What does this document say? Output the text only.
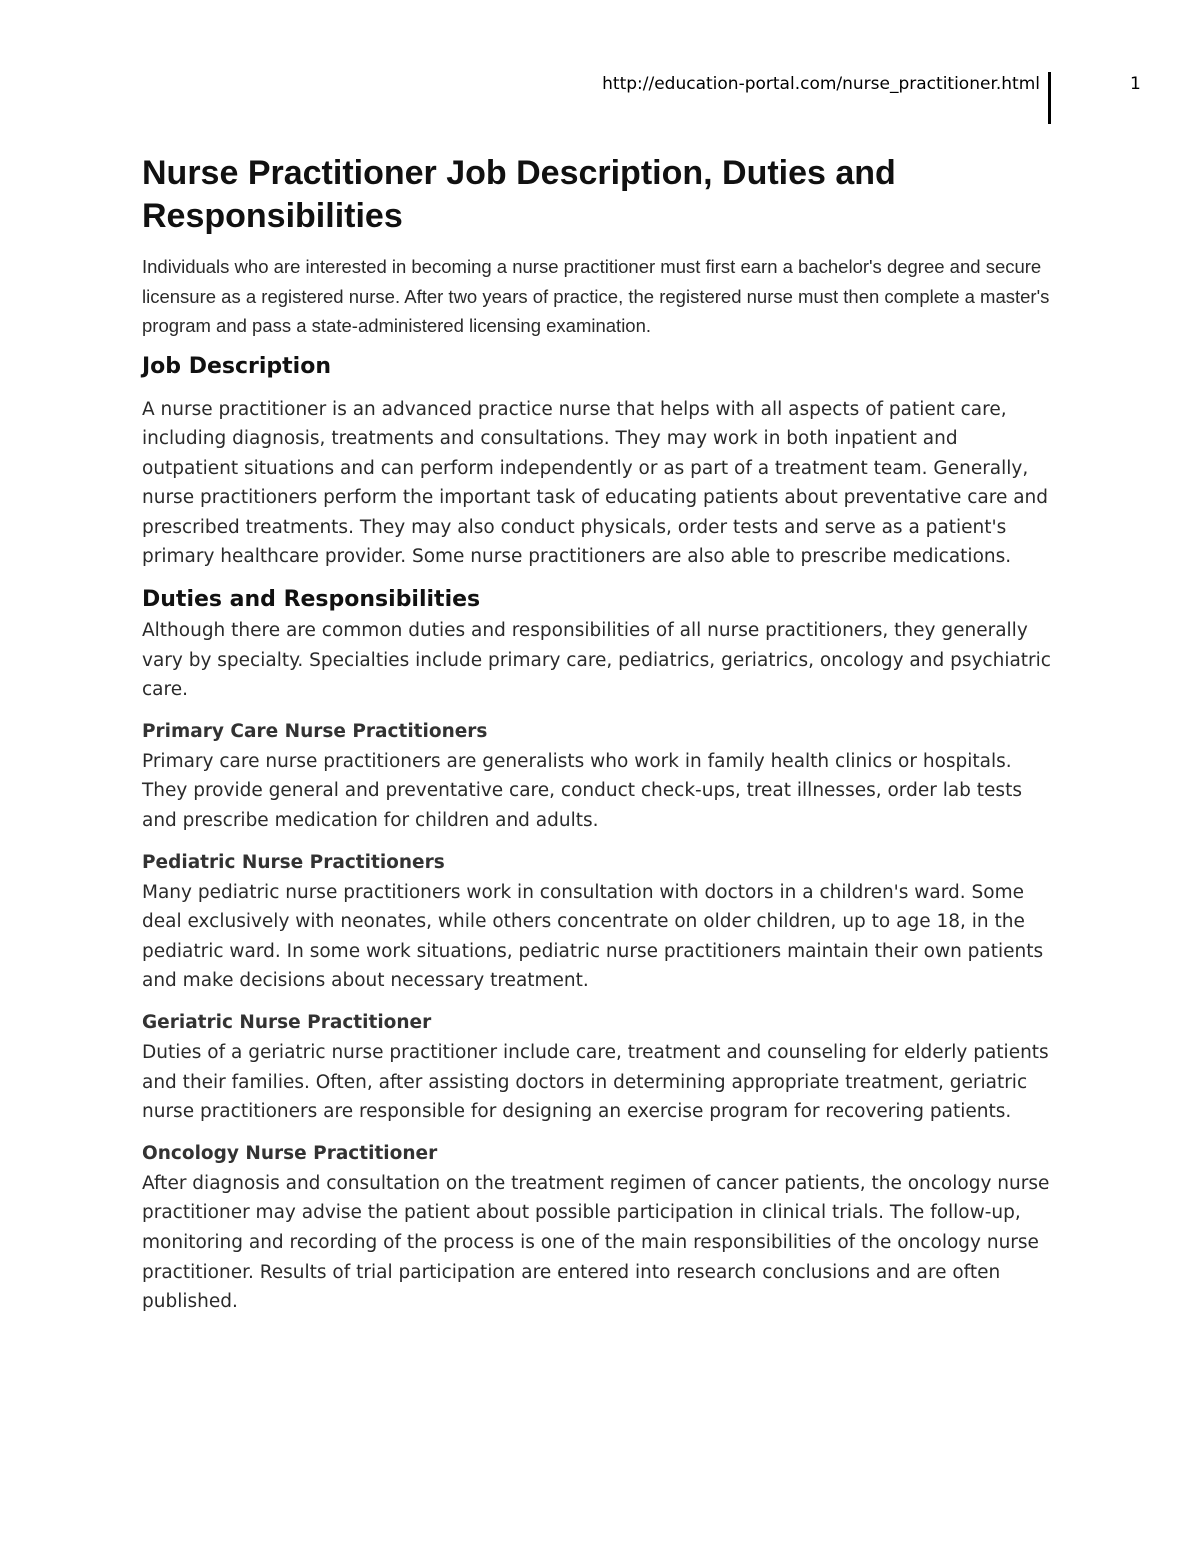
http://education-portal.com/nurse_practitioner.html	1
Nurse Practitioner Job Description, Duties and Responsibilities

Individuals who are interested in becoming a nurse practitioner must first earn a bachelor's degree and secure licensure as a registered nurse. After two years of practice, the registered nurse must then complete a master's program and pass a state-administered licensing examination.

Job Description

A nurse practitioner is an advanced practice nurse that helps with all aspects of patient care, including diagnosis, treatments and consultations. They may work in both inpatient and outpatient situations and can perform independently or as part of a treatment team. Generally, nurse practitioners perform the important task of educating patients about preventative care and prescribed treatments. They may also conduct physicals, order tests and serve as a patient's primary healthcare provider. Some nurse practitioners are also able to prescribe medications.

Duties and Responsibilities

Although there are common duties and responsibilities of all nurse practitioners, they generally vary by specialty. Specialties include primary care, pediatrics, geriatrics, oncology and psychiatric care.

Primary Care Nurse Practitioners

Primary care nurse practitioners are generalists who work in family health clinics or hospitals. They provide general and preventative care, conduct check-ups, treat illnesses, order lab tests and prescribe medication for children and adults.

Pediatric Nurse Practitioners

Many pediatric nurse practitioners work in consultation with doctors in a children's ward. Some deal exclusively with neonates, while others concentrate on older children, up to age 18, in the pediatric ward. In some work situations, pediatric nurse practitioners maintain their own patients and make decisions about necessary treatment.

Geriatric Nurse Practitioner

Duties of a geriatric nurse practitioner include care, treatment and counseling for elderly patients and their families. Often, after assisting doctors in determining appropriate treatment, geriatric nurse practitioners are responsible for designing an exercise program for recovering patients.

Oncology Nurse Practitioner

After diagnosis and consultation on the treatment regimen of cancer patients, the oncology nurse practitioner may advise the patient about possible participation in clinical trials. The follow-up, monitoring and recording of the process is one of the main responsibilities of the oncology nurse practitioner. Results of trial participation are entered into research conclusions and are often published.
